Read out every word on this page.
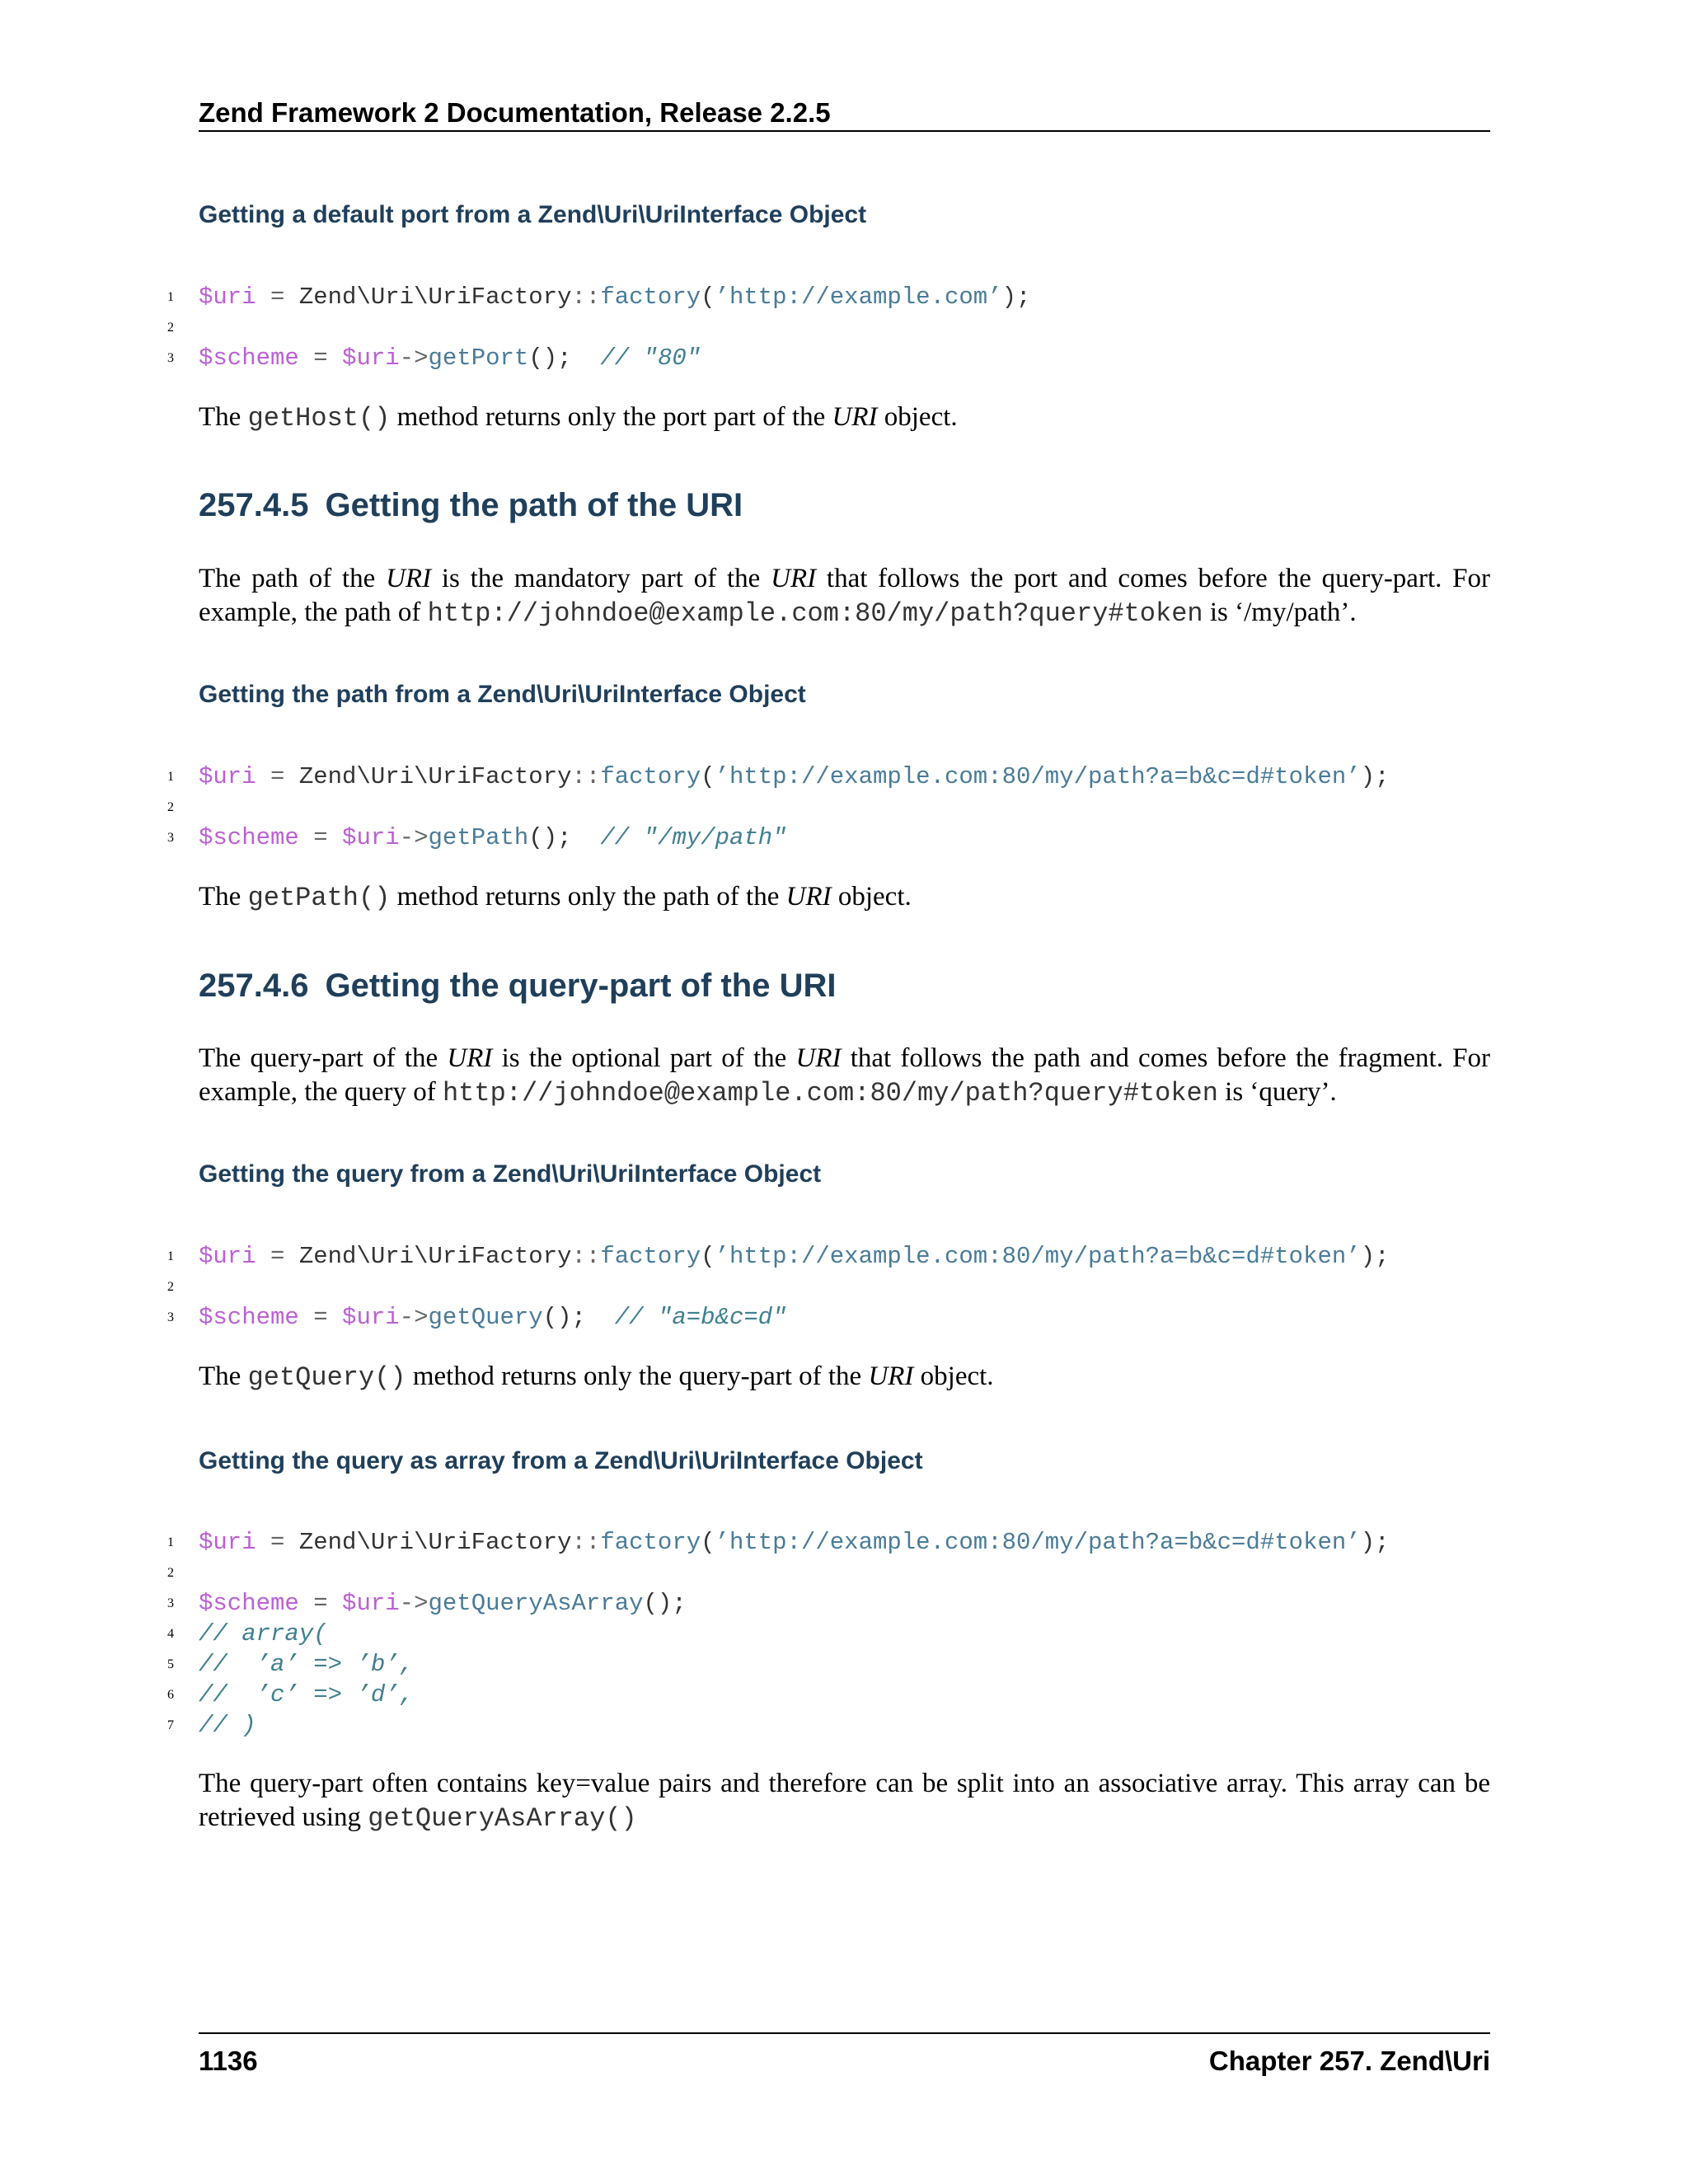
Zend Framework 2 Documentation, Release 2.2.5
Getting a default port from a Zend\Uri\UriInterface Object
1 $uri = Zend\Uri\UriFactory::factory(’http://example.com’);
2
3 $scheme = $uri->getPort(); // "80"

The getHost() method returns only the port part of the URI object.

257.4.5 Getting the path of the URI

The path of the URI is the mandatory part of the URI that follows the port and comes before the query-part. For
example, the path of http://johndoe@example.com:80/my/path?query#token is ‘/my/path’.

Getting the path from a Zend\Uri\UriInterface Object
1 $uri = Zend\Uri\UriFactory::factory(’http://example.com:80/my/path?a=b&c=d#token’);
2
3 $scheme = $uri->getPath(); // "/my/path"

The getPath() method returns only the path of the URI object.

257.4.6 Getting the query-part of the URI

The query-part of the URI is the optional part of the URI that follows the path and comes before the fragment. For
example, the query of http://johndoe@example.com:80/my/path?query#token is ‘query’.

Getting the query from a Zend\Uri\UriInterface Object
1 $uri = Zend\Uri\UriFactory::factory(’http://example.com:80/my/path?a=b&c=d#token’);
2
3 $scheme = $uri->getQuery(); // "a=b&c=d"

The getQuery() method returns only the query-part of the URI object.

Getting the query as array from a Zend\Uri\UriInterface Object
1 $uri = Zend\Uri\UriFactory::factory(’http://example.com:80/my/path?a=b&c=d#token’);
2
3 $scheme = $uri->getQueryAsArray();
4 // array(
5 //  ’a’ => ’b’,
6 //  ’c’ => ’d’,
7 // )

The query-part often contains key=value pairs and therefore can be split into an associative array. This array can be
retrieved using getQueryAsArray()

1136	Chapter 257. Zend\Uri
